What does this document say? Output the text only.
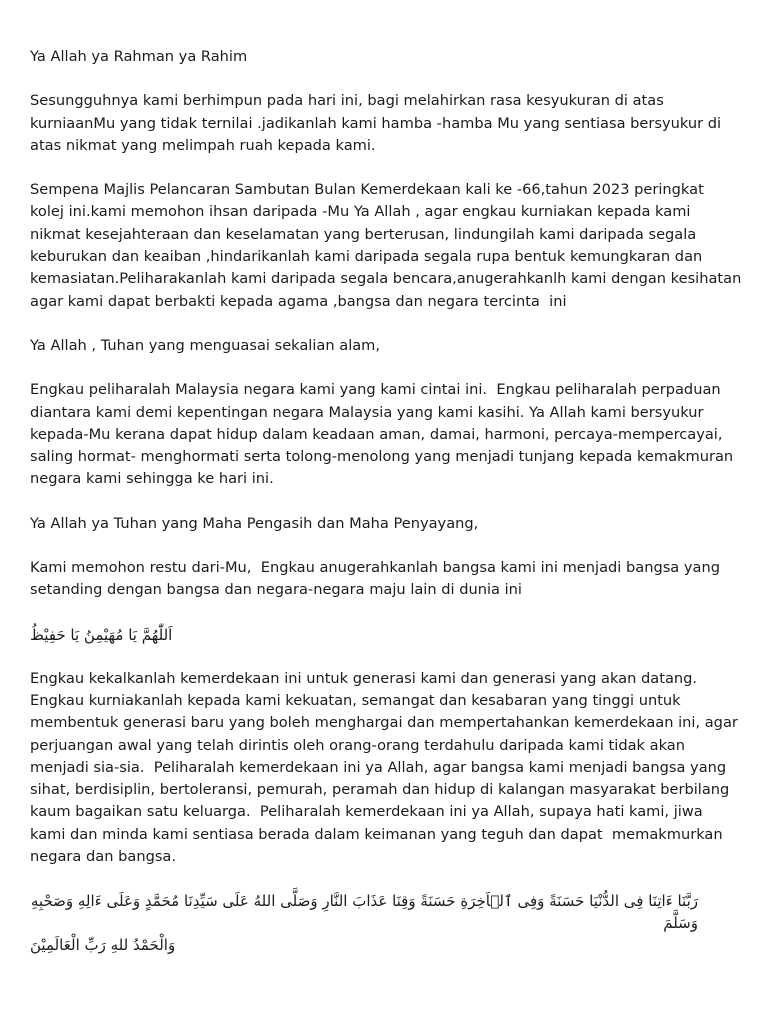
Ya Allah ya Rahman ya Rahim

Sesungguhnya kami berhimpun pada hari ini, bagi melahirkan rasa kesyukuran di atas kurniaanMu yang tidak ternilai .jadikanlah kami hamba -hamba Mu yang sentiasa bersyukur di atas nikmat yang melimpah ruah kepada kami.

Sempena Majlis Pelancaran Sambutan Bulan Kemerdekaan kali ke -66,tahun 2023 peringkat kolej ini.kami memohon ihsan daripada -Mu Ya Allah , agar engkau kurniakan kepada kami nikmat kesejahteraan dan keselamatan yang berterusan, lindungilah kami daripada segala keburukan dan keaiban ,hindarikanlah kami daripada segala rupa bentuk kemungkaran dan kemasiatan.Peliharakanlah kami daripada segala bencara,anugerahkanlh kami dengan kesihatan agar kami dapat berbakti kepada agama ,bangsa dan negara tercinta  ini

Ya Allah , Tuhan yang menguasai sekalian alam,

Engkau peliharalah Malaysia negara kami yang kami cintai ini.  Engkau peliharalah perpaduan diantara kami demi kepentingan negara Malaysia yang kami kasihi. Ya Allah kami bersyukur kepada-Mu kerana dapat hidup dalam keadaan aman, damai, harmoni, percaya-mempercayai, saling hormat- menghormati serta tolong-menolong yang menjadi tunjang kepada kemakmuran negara kami sehingga ke hari ini.

Ya Allah ya Tuhan yang Maha Pengasih dan Maha Penyayang,

Kami memohon restu dari-Mu,  Engkau anugerahkanlah bangsa kami ini menjadi bangsa yang setanding dengan bangsa dan negara-negara maju lain di dunia ini

اَللّٰهُمَّ يَا مُهَيْمِنُ يَا حَفِيْظُ

Engkau kekalkanlah kemerdekaan ini untuk generasi kami dan generasi yang akan datang. Engkau kurniakanlah kepada kami kekuatan, semangat dan kesabaran yang tinggi untuk membentuk generasi baru yang boleh menghargai dan mempertahankan kemerdekaan ini, agar perjuangan awal yang telah dirintis oleh orang-orang terdahulu daripada kami tidak akan menjadi sia-sia.  Peliharalah kemerdekaan ini ya Allah, agar bangsa kami menjadi bangsa yang sihat, berdisiplin, bertoleransi, pemurah, peramah dan hidup di kalangan masyarakat berbilang kaum bagaikan satu keluarga.  Peliharalah kemerdekaan ini ya Allah, supaya hati kami, jiwa kami dan minda kami sentiasa berada dalam keimanan yang teguh dan dapat  memakmurkan negara dan bangsa.

رَبَّنَا ءَاتِنَا فِى الدُّنْيَا حَسَنَةً وَفِى ٱلۡاَخِرَةِ حَسَنَةً وَقِنَا عَذَابَ النَّارِ وَصَلَّى اللهُ عَلَى سَيِّدِنَا مُحَمَّدٍ وَعَلَى ءَالِهِ وَصَحْبِهِ وَسَلَّمَ
وَالْحَمْدُ للهِ رَبِّ الْعَالَمِيْنَ
